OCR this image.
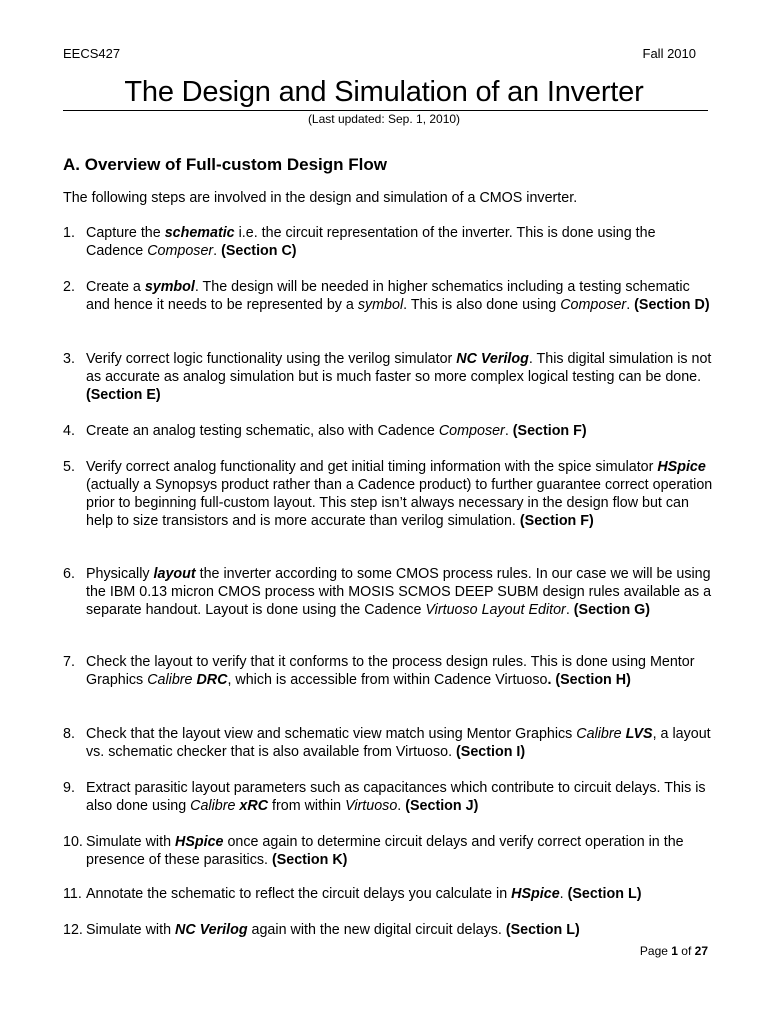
EECS427	Fall 2010
The Design and Simulation of an Inverter
(Last updated: Sep. 1, 2010)
A. Overview of Full-custom Design Flow
The following steps are involved in the design and simulation of a CMOS inverter.
1. Capture the schematic i.e. the circuit representation of the inverter. This is done using the Cadence Composer. (Section C)
2. Create a symbol. The design will be needed in higher schematics including a testing schematic and hence it needs to be represented by a symbol. This is also done using Composer. (Section D)
3. Verify correct logic functionality using the verilog simulator NC Verilog. This digital simulation is not as accurate as analog simulation but is much faster so more complex logical testing can be done. (Section E)
4. Create an analog testing schematic, also with Cadence Composer. (Section F)
5. Verify correct analog functionality and get initial timing information with the spice simulator HSpice (actually a Synopsys product rather than a Cadence product) to further guarantee correct operation prior to beginning full-custom layout. This step isn’t always necessary in the design flow but can help to size transistors and is more accurate than verilog simulation. (Section F)
6. Physically layout the inverter according to some CMOS process rules. In our case we will be using the IBM 0.13 micron CMOS process with MOSIS SCMOS DEEP SUBM design rules available as a separate handout. Layout is done using the Cadence Virtuoso Layout Editor. (Section G)
7. Check the layout to verify that it conforms to the process design rules. This is done using Mentor Graphics Calibre DRC, which is accessible from within Cadence Virtuoso. (Section H)
8. Check that the layout view and schematic view match using Mentor Graphics Calibre LVS, a layout vs. schematic checker that is also available from Virtuoso. (Section I)
9. Extract parasitic layout parameters such as capacitances which contribute to circuit delays. This is also done using Calibre xRC from within Virtuoso. (Section J)
10. Simulate with HSpice once again to determine circuit delays and verify correct operation in the presence of these parasitics. (Section K)
11. Annotate the schematic to reflect the circuit delays you calculate in HSpice. (Section L)
12. Simulate with NC Verilog again with the new digital circuit delays. (Section L)
Page 1 of 27
